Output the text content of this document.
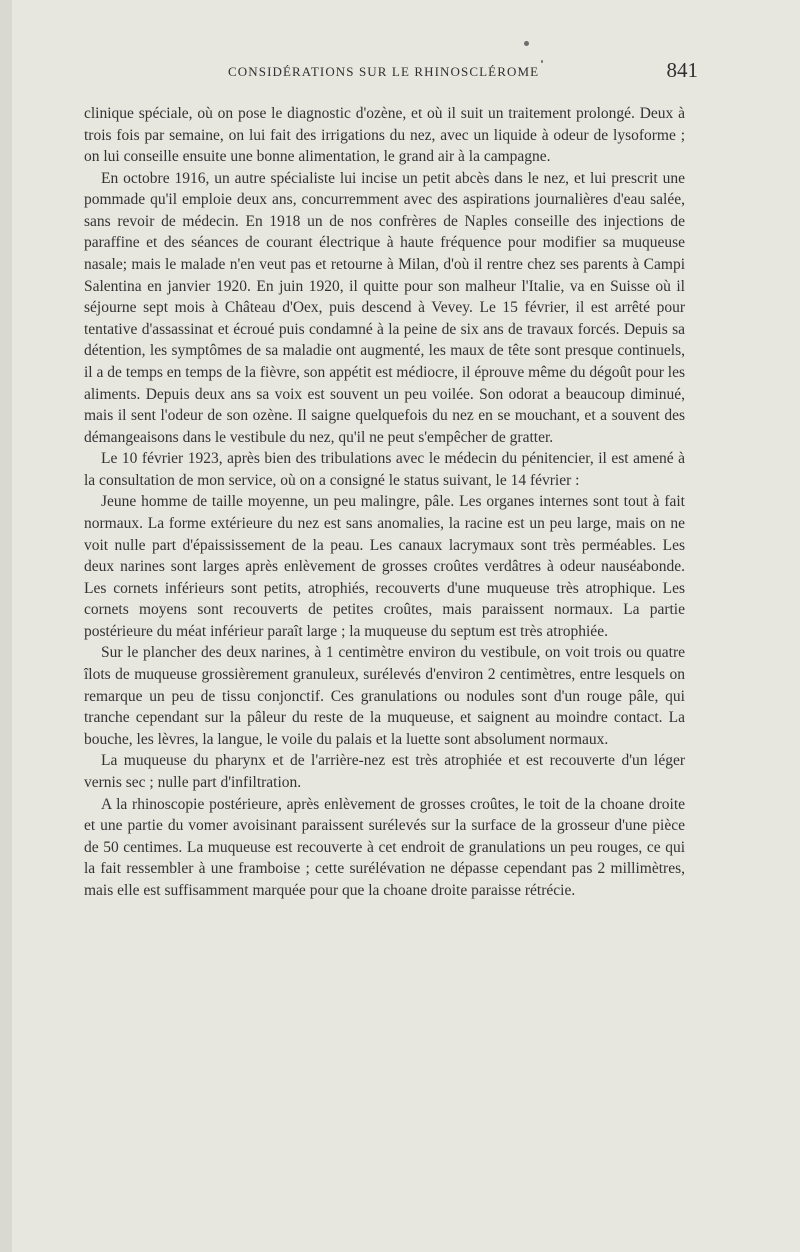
CONSIDÉRATIONS SUR LE RHINOSCLÉROME	841

clinique spéciale, où on pose le diagnostic d'ozène, et où il suit un traitement prolongé. Deux à trois fois par semaine, on lui fait des irrigations du nez, avec un liquide à odeur de lysoforme ; on lui conseille ensuite une bonne alimentation, le grand air à la campagne.

En octobre 1916, un autre spécialiste lui incise un petit abcès dans le nez, et lui prescrit une pommade qu'il emploie deux ans, concurremment avec des aspirations journalières d'eau salée, sans revoir de médecin. En 1918 un de nos confrères de Naples conseille des injections de paraffine et des séances de courant électrique à haute fréquence pour modifier sa muqueuse nasale; mais le malade n'en veut pas et retourne à Milan, d'où il rentre chez ses parents à Campi Salentina en janvier 1920. En juin 1920, il quitte pour son malheur l'Italie, va en Suisse où il séjourne sept mois à Château d'Oex, puis descend à Vevey. Le 15 février, il est arrêté pour tentative d'assassinat et écroué puis condamné à la peine de six ans de travaux forcés. Depuis sa détention, les symptômes de sa maladie ont augmenté, les maux de tête sont presque continuels, il a de temps en temps de la fièvre, son appétit est médiocre, il éprouve même du dégoût pour les aliments. Depuis deux ans sa voix est souvent un peu voilée. Son odorat a beaucoup diminué, mais il sent l'odeur de son ozène. Il saigne quelquefois du nez en se mouchant, et a souvent des démangeaisons dans le vestibule du nez, qu'il ne peut s'empêcher de gratter.

Le 10 février 1923, après bien des tribulations avec le médecin du pénitencier, il est amené à la consultation de mon service, où on a consigné le status suivant, le 14 février :

Jeune homme de taille moyenne, un peu malingre, pâle. Les organes internes sont tout à fait normaux. La forme extérieure du nez est sans anomalies, la racine est un peu large, mais on ne voit nulle part d'épaississement de la peau. Les canaux lacrymaux sont très perméables. Les deux narines sont larges après enlèvement de grosses croûtes verdâtres à odeur nauséabonde. Les cornets inférieurs sont petits, atrophiés, recouverts d'une muqueuse très atrophique. Les cornets moyens sont recouverts de petites croûtes, mais paraissent normaux. La partie postérieure du méat inférieur paraît large ; la muqueuse du septum est très atrophiée.

Sur le plancher des deux narines, à 1 centimètre environ du vestibule, on voit trois ou quatre îlots de muqueuse grossièrement granuleux, surélevés d'environ 2 centimètres, entre lesquels on remarque un peu de tissu conjonctif. Ces granulations ou nodules sont d'un rouge pâle, qui tranche cependant sur la pâleur du reste de la muqueuse, et saignent au moindre contact. La bouche, les lèvres, la langue, le voile du palais et la luette sont absolument normaux.

La muqueuse du pharynx et de l'arrière-nez est très atrophiée et est recouverte d'un léger vernis sec ; nulle part d'infiltration.

A la rhinoscopie postérieure, après enlèvement de grosses croûtes, le toit de la choane droite et une partie du vomer avoisinant paraissent surélevés sur la surface de la grosseur d'une pièce de 50 centimes. La muqueuse est recouverte à cet endroit de granulations un peu rouges, ce qui la fait ressembler à une framboise ; cette surélévation ne dépasse cependant pas 2 millimètres, mais elle est suffisamment marquée pour que la choane droite paraisse rétrécie.
